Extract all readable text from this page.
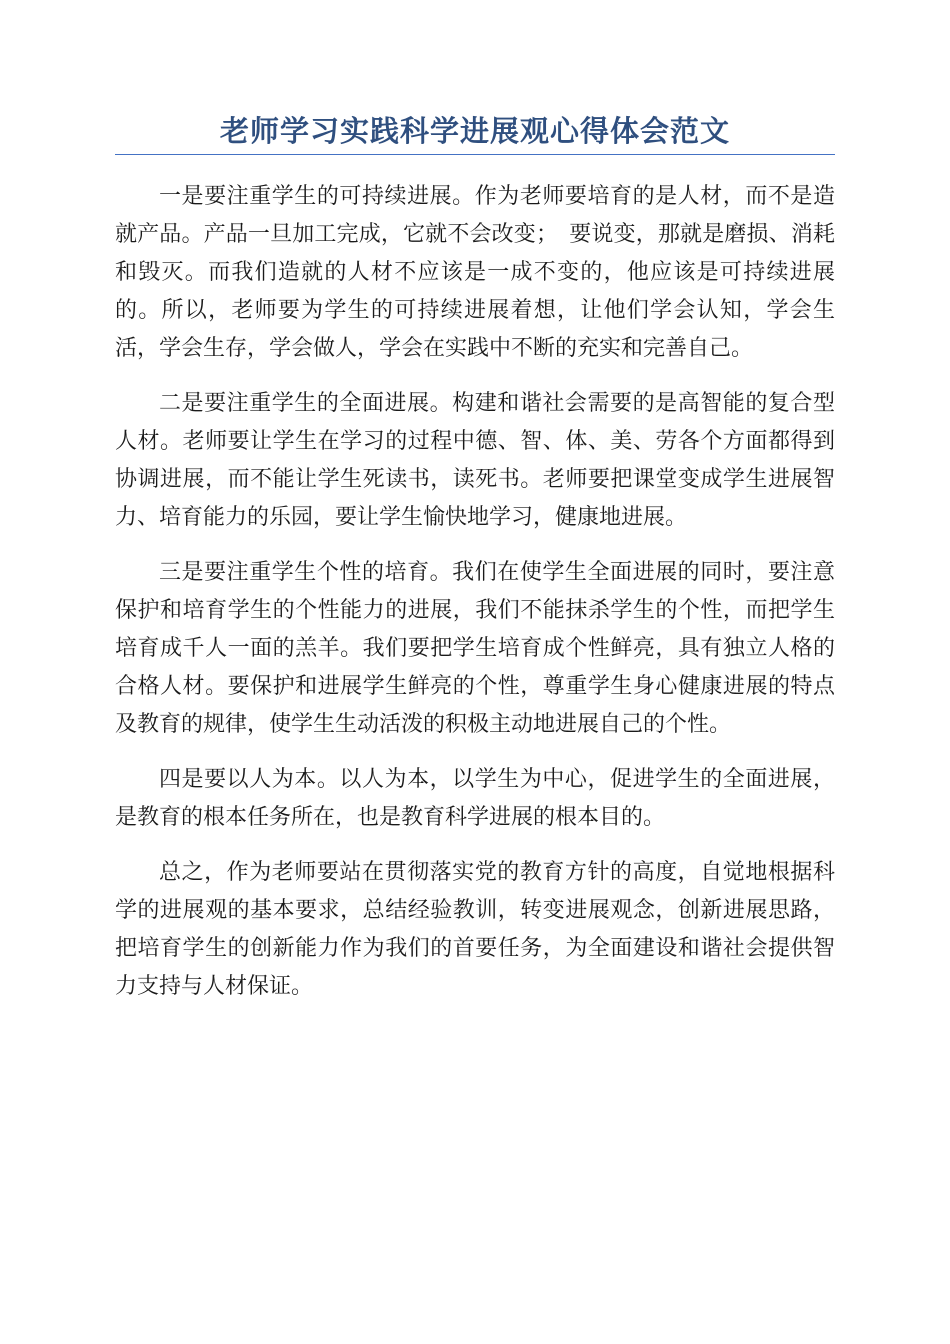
老师学习实践科学进展观心得体会范文

一是要注重学生的可持续进展。作为老师要培育的是人材，而不是造就产品。产品一旦加工完成，它就不会改变；　要说变，那就是磨损、消耗和毁灭。而我们造就的人材不应该是一成不变的，他应该是可持续进展的。所以，老师要为学生的可持续进展着想，让他们学会认知，学会生活，学会生存，学会做人，学会在实践中不断的充实和完善自己。

二是要注重学生的全面进展。构建和谐社会需要的是高智能的复合型人材。老师要让学生在学习的过程中德、智、体、美、劳各个方面都得到协调进展，而不能让学生死读书，读死书。老师要把课堂变成学生进展智力、培育能力的乐园，要让学生愉快地学习，健康地进展。

三是要注重学生个性的培育。我们在使学生全面进展的同时，要注意保护和培育学生的个性能力的进展，我们不能抹杀学生的个性，而把学生培育成千人一面的羔羊。我们要把学生培育成个性鲜亮，具有独立人格的合格人材。要保护和进展学生鲜亮的个性，尊重学生身心健康进展的特点及教育的规律，使学生生动活泼的积极主动地进展自己的个性。

四是要以人为本。以人为本，以学生为中心，促进学生的全面进展，是教育的根本任务所在，也是教育科学进展的根本目的。

总之，作为老师要站在贯彻落实党的教育方针的高度，自觉地根据科学的进展观的基本要求，总结经验教训，转变进展观念，创新进展思路，把培育学生的创新能力作为我们的首要任务，为全面建设和谐社会提供智力支持与人材保证。
